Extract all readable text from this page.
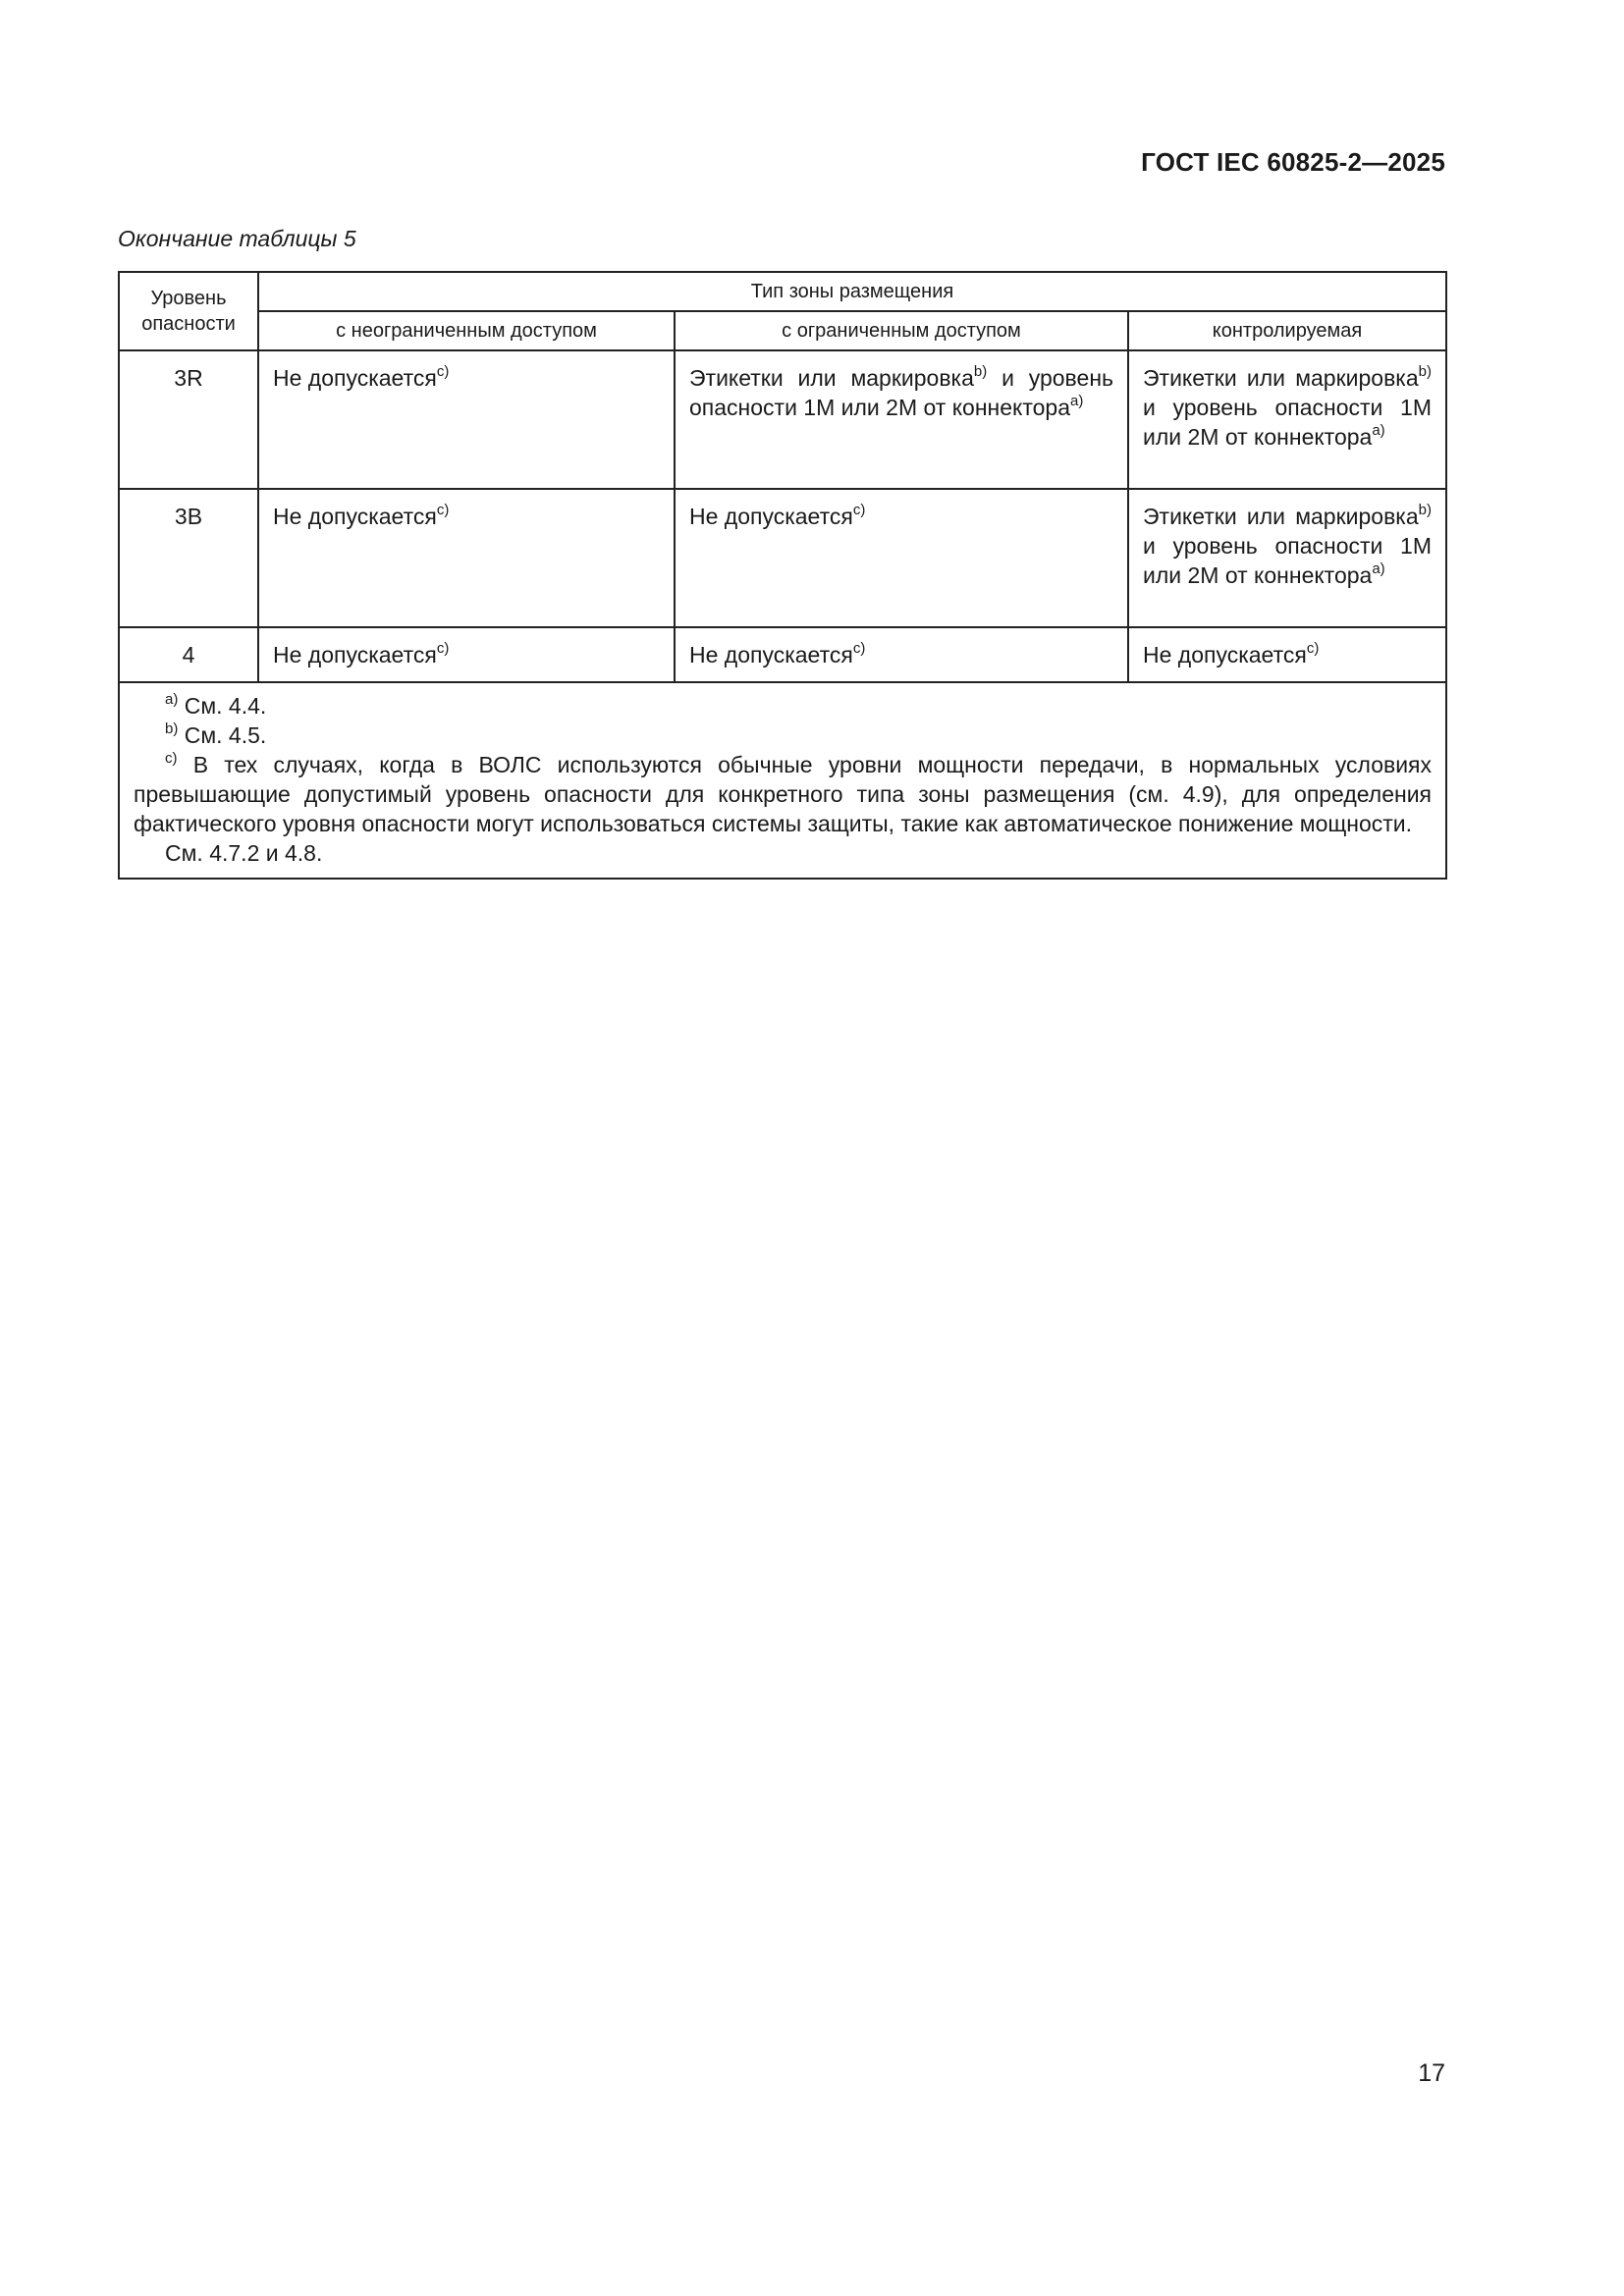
ГОСТ IEC 60825-2—2025
Окончание таблицы 5
Уровень опасности	Тип зоны размещения		
	с неограниченным доступом	с ограниченным доступом	контролируемая
3R	Не допускается$^{c)}$	Этикетки или маркировка$^{b)}$ и уровень опасности 1М или 2М от коннектора$^{a)}$	Этикетки или маркировка$^{b)}$ и уровень опасности 1М или 2М от коннектора$^{a)}$
3В	Не допускается$^{c)}$	Не допускается$^{c)}$	Этикетки или маркировка$^{b)}$ и уровень опасности 1М или 2М от коннектора$^{a)}$
4	Не допускается$^{c)}$	Не допускается$^{c)}$	Не допускается$^{c)}$

$^{a)}$ См. 4.4.
$^{b)}$ См. 4.5.
$^{c)}$ В тех случаях, когда в ВОЛС используются обычные уровни мощности передачи, в нормальных условиях превышающие допустимый уровень опасности для конкретного типа зоны размещения (см. 4.9), для определения фактического уровня опасности могут использоваться системы защиты, такие как автоматическое понижение мощности.
См. 4.7.2 и 4.8.			
17
